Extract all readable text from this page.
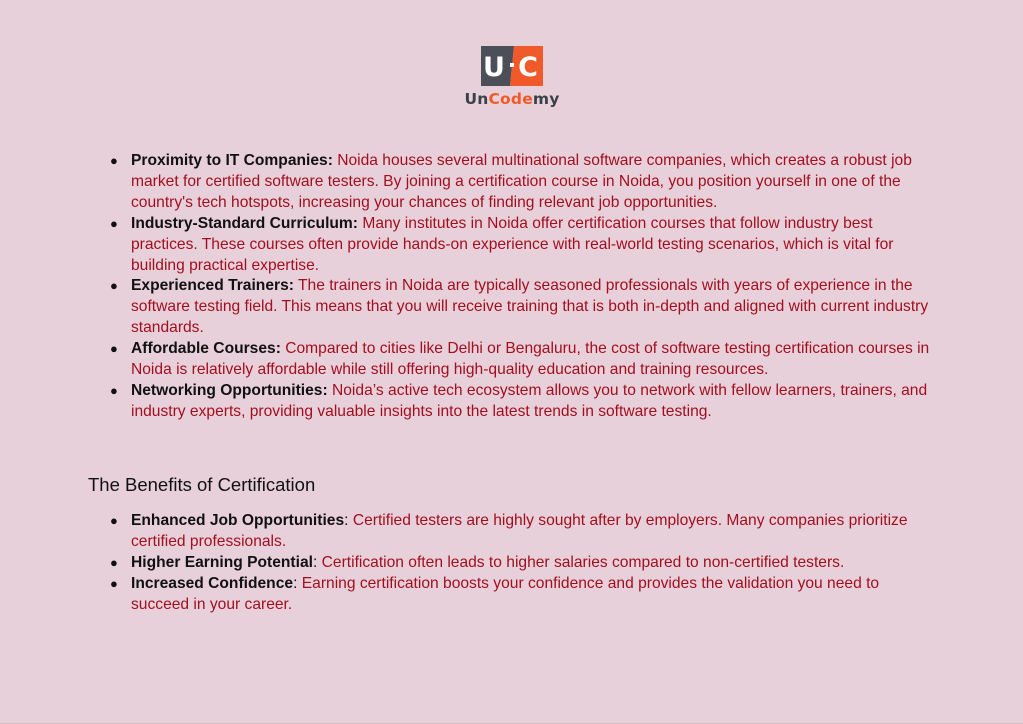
U C
UnCodemy
● Proximity to IT Companies: Noida houses several multinational software companies, which creates a robust job market for certified software testers. By joining a certification course in Noida, you position yourself in one of the country's tech hotspots, increasing your chances of finding relevant job opportunities.
● Industry-Standard Curriculum: Many institutes in Noida offer certification courses that follow industry best practices. These courses often provide hands-on experience with real-world testing scenarios, which is vital for building practical expertise.
● Experienced Trainers: The trainers in Noida are typically seasoned professionals with years of experience in the software testing field. This means that you will receive training that is both in-depth and aligned with current industry standards.
● Affordable Courses: Compared to cities like Delhi or Bengaluru, the cost of software testing certification courses in Noida is relatively affordable while still offering high-quality education and training resources.
● Networking Opportunities: Noida’s active tech ecosystem allows you to network with fellow learners, trainers, and industry experts, providing valuable insights into the latest trends in software testing.
The Benefits of Certification
● Enhanced Job Opportunities: Certified testers are highly sought after by employers. Many companies prioritize certified professionals.
● Higher Earning Potential: Certification often leads to higher salaries compared to non-certified testers.
● Increased Confidence: Earning certification boosts your confidence and provides the validation you need to succeed in your career.
